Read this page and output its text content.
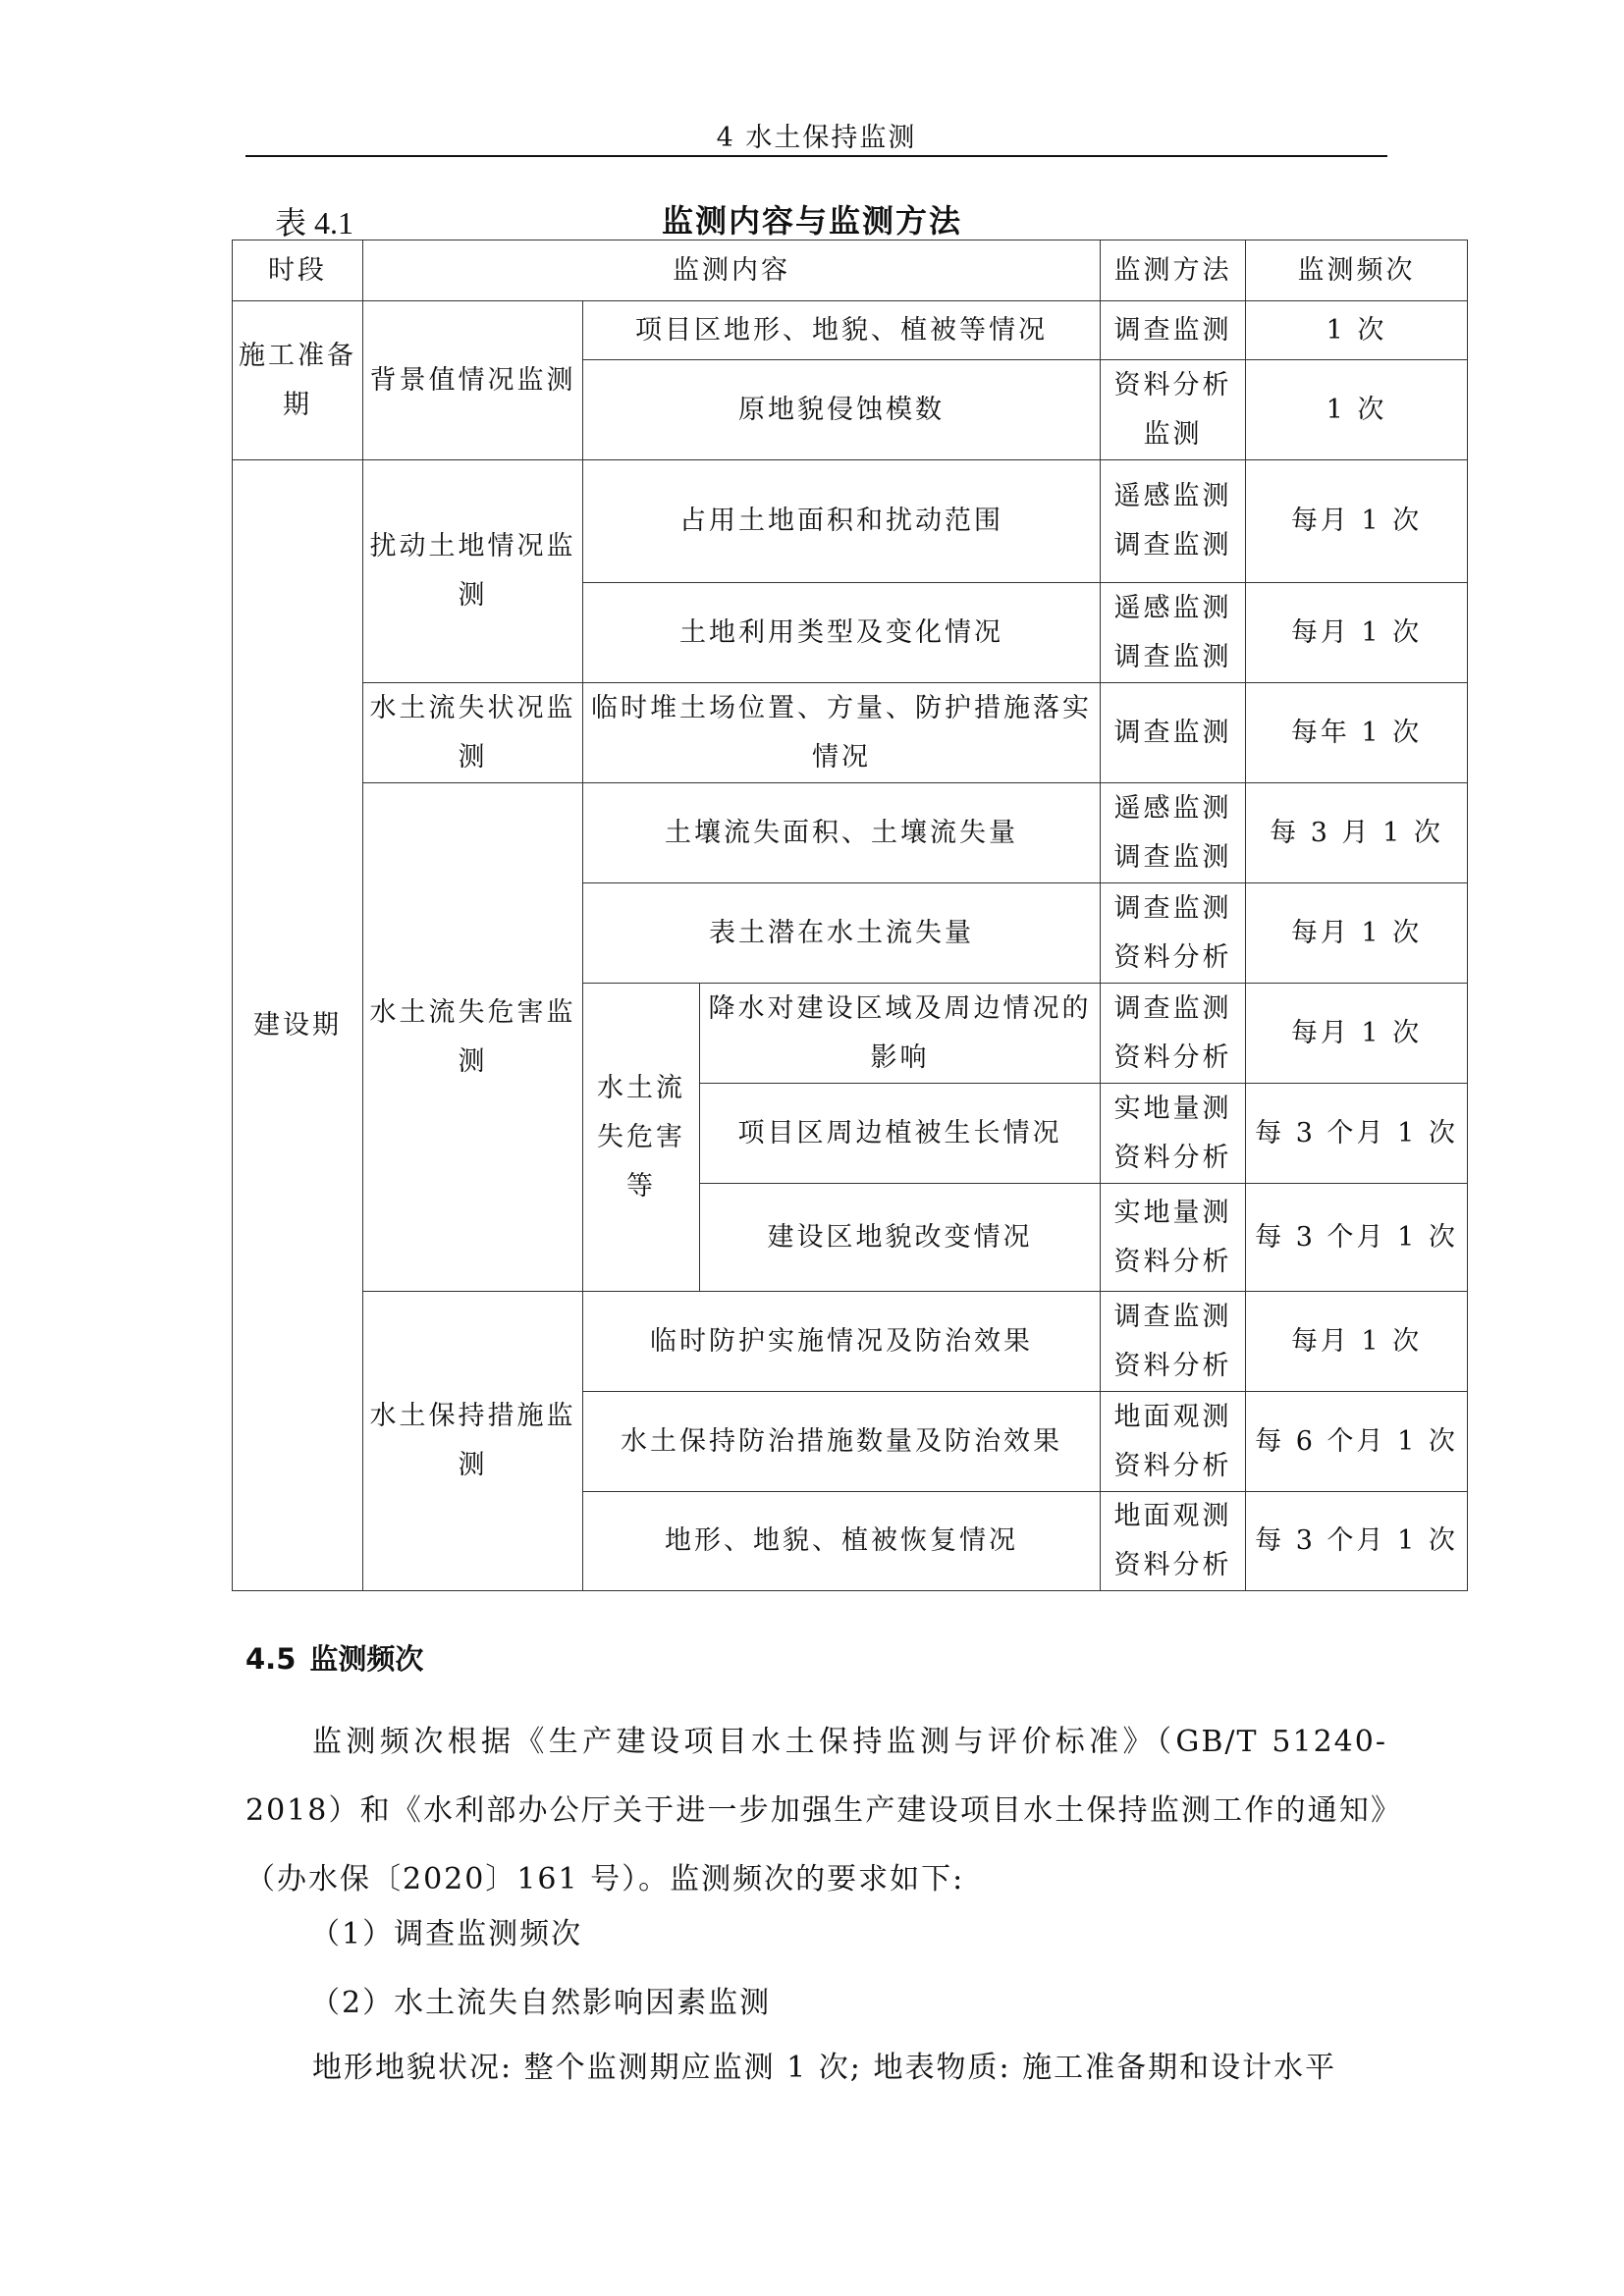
4 水土保持监测
表 4.1	监测内容与监测方法
时段	监测内容			监测方法	监测频次
施工准备期	背景值情况监测	项目区地形、地貌、植被等情况		调查监测	1 次
		原地貌侵蚀模数		资料分析监测	1 次
建设期	扰动土地情况监测	占用土地面积和扰动范围		遥感监测调查监测	每月 1 次
		土地利用类型及变化情况		遥感监测调查监测	每月 1 次
	水土流失状况监测	临时堆土场位置、方量、防护措施落实情况		调查监测	每年 1 次
	水土流失危害监测	土壤流失面积、土壤流失量		遥感监测调查监测	每 3 月 1 次
		表土潜在水土流失量		调查监测资料分析	每月 1 次
		水土流失危害等	降水对建设区域及周边情况的影响	调查监测资料分析	每月 1 次
			项目区周边植被生长情况	实地量测资料分析	每 3 个月 1 次
			建设区地貌改变情况	实地量测资料分析	每 3 个月 1 次
	水土保持措施监测	临时防护实施情况及防治效果		调查监测资料分析	每月 1 次
		水土保持防治措施数量及防治效果		地面观测资料分析	每 6 个月 1 次
		地形、地貌、植被恢复情况		地面观测资料分析	每 3 个月 1 次
4.5 监测频次

监测频次根据《生产建设项目水土保持监测与评价标准》（GB/T 51240-2018）和《水利部办公厅关于进一步加强生产建设项目水土保持监测工作的通知》（办水保〔2020〕161 号）。监测频次的要求如下:

（1）调查监测频次

（2）水土流失自然影响因素监测

地形地貌状况: 整个监测期应监测 1 次; 地表物质: 施工准备期和设计水平
